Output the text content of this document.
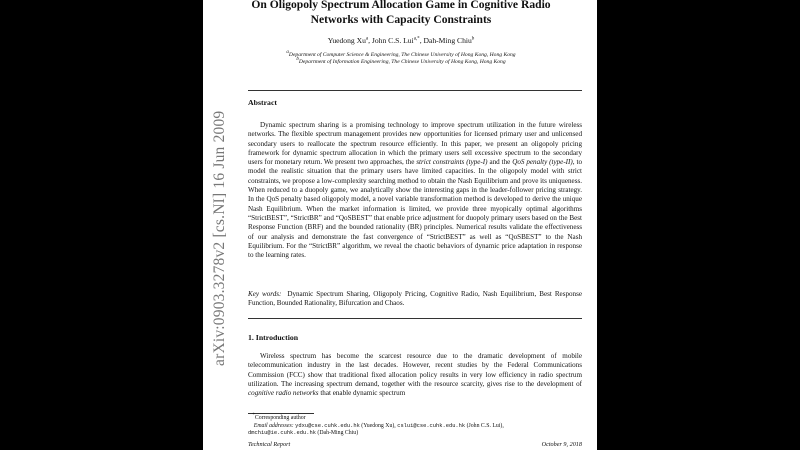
arXiv:0903.3278v2 [cs.NI] 16 Jun 2009
On Oligopoly Spectrum Allocation Game in Cognitive Radio
Networks with Capacity Constraints
Yuedong Xu$^a$, John C.S. Lui$^{a,*}$, Dah-Ming Chiu$^b$
$^a$Department of Computer Science & Engineering, The Chinese University of Hong Kong, Hong Kong
$^b$Department of Information Engineering, The Chinese University of Hong Kong, Hong Kong
Abstract

Dynamic spectrum sharing is a promising technology to improve spectrum utilization in the future wireless networks. The flexible spectrum management provides new opportunities for licensed primary user and unlicensed secondary users to reallocate the spectrum resource efficiently. In this paper, we present an oligopoly pricing framework for dynamic spectrum allocation in which the primary users sell excessive spectrum to the secondary users for monetary return. We present two approaches, the strict constraints (type-I) and the QoS penalty (type-II), to model the realistic situation that the primary users have limited capacities. In the oligopoly model with strict constraints, we propose a low-complexity searching method to obtain the Nash Equilibrium and prove its uniqueness. When reduced to a duopoly game, we analytically show the interesting gaps in the leader-follower pricing strategy. In the QoS penalty based oligopoly model, a novel variable transformation method is developed to derive the unique Nash Equilibrium. When the market information is limited, we provide three myopically optimal algorithms “StrictBEST”, “StrictBR” and “QoSBEST” that enable price adjustment for duopoly primary users based on the Best Response Function (BRF) and the bounded rationality (BR) principles. Numerical results validate the effectiveness of our analysis and demonstrate the fast convergence of “StrictBEST” as well as “QoSBEST” to the Nash Equilibrium. For the “StrictBR” algorithm, we reveal the chaotic behaviors of dynamic price adaptation in response to the learning rates.

Key words: Dynamic Spectrum Sharing, Oligopoly Pricing, Cognitive Radio, Nash Equilibrium, Best Response Function, Bounded Rationality, Bifurcation and Chaos.
1. Introduction
Wireless spectrum has become the scarcest resource due to the dramatic development of mobile telecommunication industry in the last decades. However, recent studies by the Federal Communications Commission (FCC) show that traditional fixed allocation policy results in very low efficiency in radio spectrum utilization. The increasing spectrum demand, together with the resource scarcity, gives rise to the development of cognitive radio networks that enable dynamic spectrum
*Corresponding author
Email addresses: ydxu@cse.cuhk.edu.hk (Yuedong Xu), cslui@cse.cuhk.edu.hk (John C.S. Lui),
dmchiu@ie.cuhk.edu.hk (Dah-Ming Chiu)
Technical Report	October 9, 2018
